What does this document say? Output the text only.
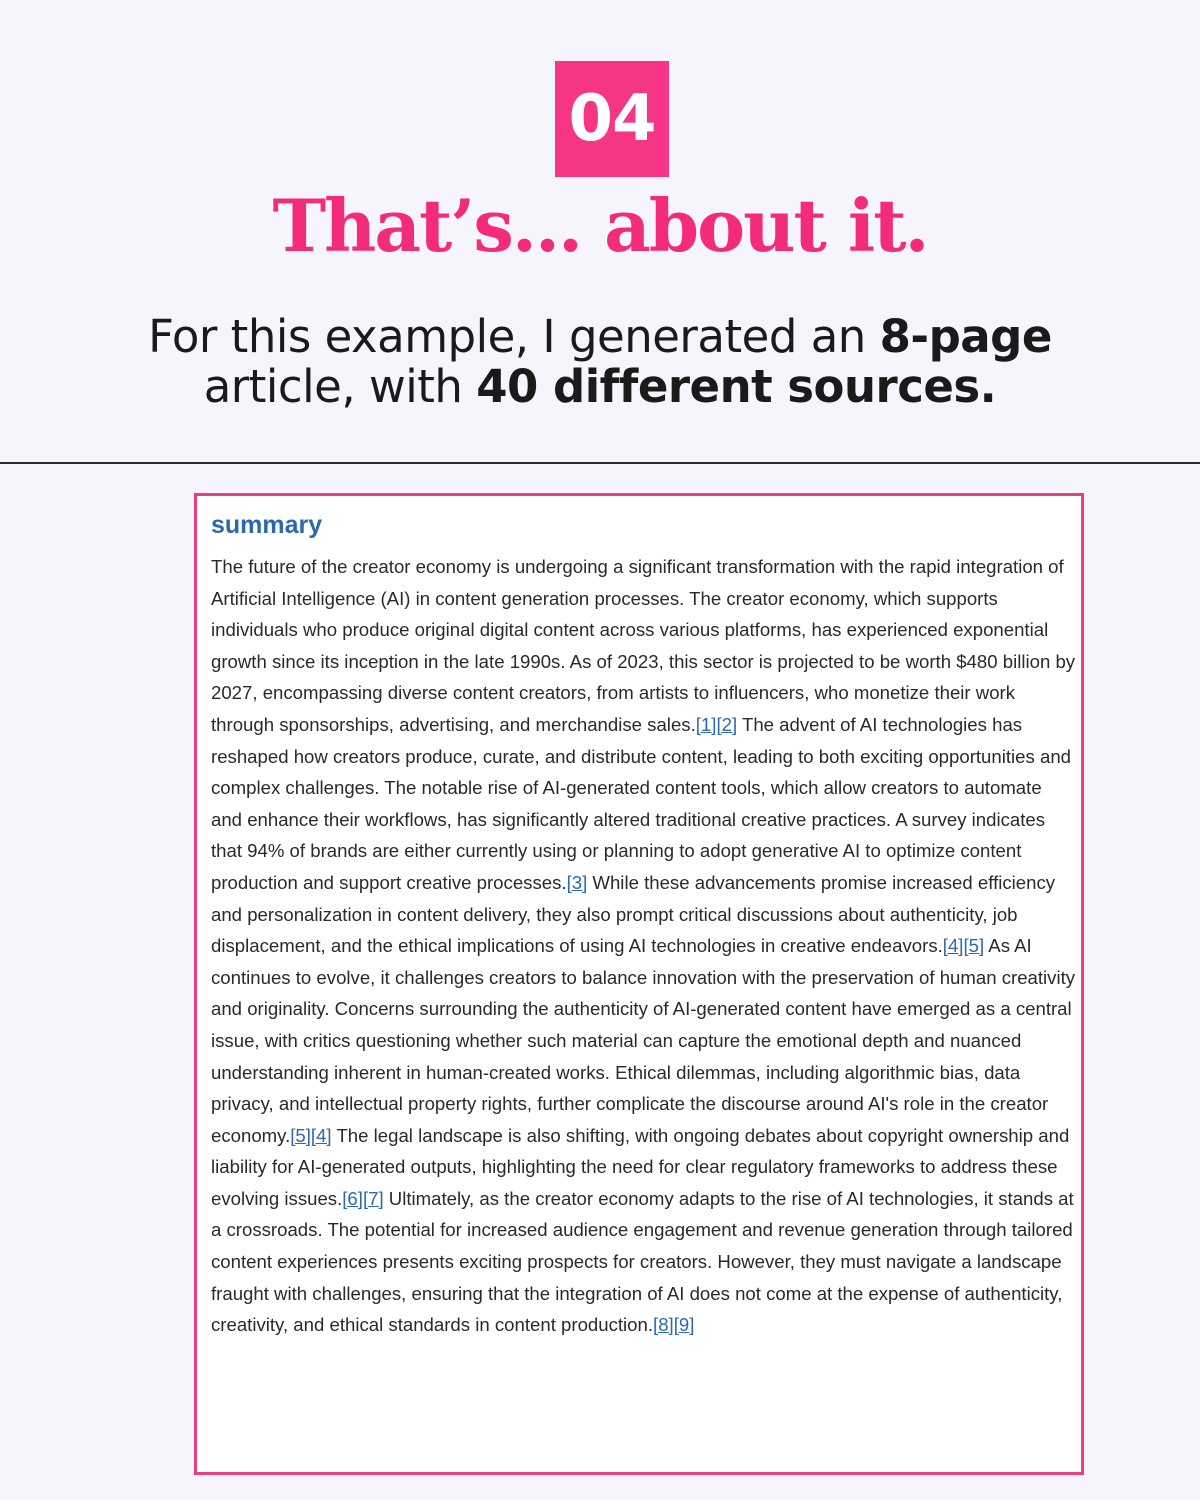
04
That’s... about it.
For this example, I generated an 8-page
article, with 40 different sources.
summary
The future of the creator economy is undergoing a significant transformation with the rapid integration of Artificial Intelligence (AI) in content generation processes. The creator economy, which supports individuals who produce original digital content across various platforms, has experienced exponential growth since its inception in the late 1990s. As of 2023, this sector is projected to be worth $480 billion by 2027, encompassing diverse content creators, from artists to influencers, who monetize their work through sponsorships, advertising, and merchandise sales.[1][2] The advent of AI technologies has reshaped how creators produce, curate, and distribute content, leading to both exciting opportunities and complex challenges. The notable rise of AI-generated content tools, which allow creators to automate and enhance their workflows, has significantly altered traditional creative practices. A survey indicates that 94% of brands are either currently using or planning to adopt generative AI to optimize content production and support creative processes.[3] While these advancements promise increased efficiency and personalization in content delivery, they also prompt critical discussions about authenticity, job displacement, and the ethical implications of using AI technologies in creative endeavors.[4][5] As AI continues to evolve, it challenges creators to balance innovation with the preservation of human creativity and originality. Concerns surrounding the authenticity of AI-generated content have emerged as a central issue, with critics questioning whether such material can capture the emotional depth and nuanced understanding inherent in human-created works. Ethical dilemmas, including algorithmic bias, data privacy, and intellectual property rights, further complicate the discourse around AI's role in the creator economy.[5][4] The legal landscape is also shifting, with ongoing debates about copyright ownership and liability for AI-generated outputs, highlighting the need for clear regulatory frameworks to address these evolving issues.[6][7] Ultimately, as the creator economy adapts to the rise of AI technologies, it stands at a crossroads. The potential for increased audience engagement and revenue generation through tailored content experiences presents exciting prospects for creators. However, they must navigate a landscape fraught with challenges, ensuring that the integration of AI does not come at the expense of authenticity, creativity, and ethical standards in content production.[8][9]
